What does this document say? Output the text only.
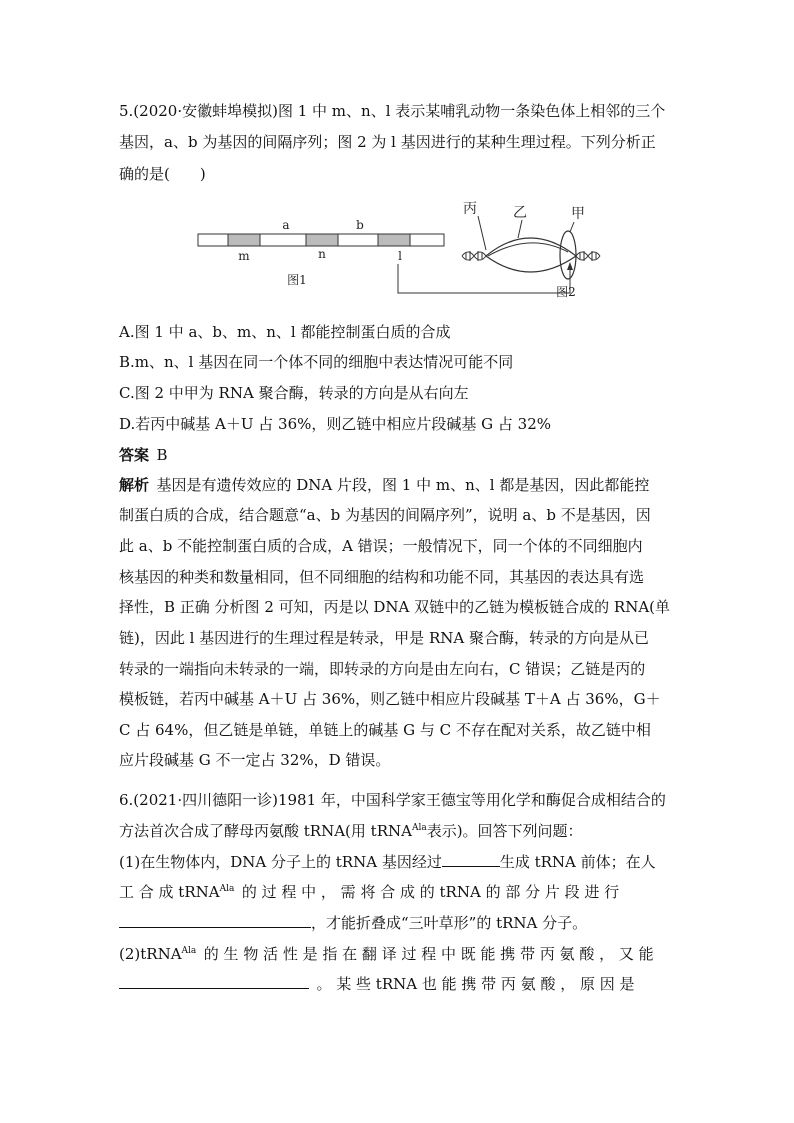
5.(2020·安徽蚌埠模拟)图 1 中 m、n、l 表示某哺乳动物一条染色体上相邻的三个

基因，a、b 为基因的间隔序列；图 2 为 l 基因进行的某种生理过程。下列分析正

确的是(　　)

a	b
m	n	l
图1
丙	乙	甲
图2

A.图 1 中 a、b、m、n、l 都能控制蛋白质的合成

B.m、n、l 基因在同一个体不同的细胞中表达情况可能不同

C.图 2 中甲为 RNA 聚合酶，转录的方向是从右向左

D.若丙中碱基 A＋U 占 36%，则乙链中相应片段碱基 G 占 32%

答案  B

解析  基因是有遗传效应的 DNA 片段，图 1 中 m、n、l 都是基因，因此都能控

制蛋白质的合成，结合题意“a、b 为基因的间隔序列”，说明 a、b 不是基因，因

此 a、b 不能控制蛋白质的合成，A 错误；一般情况下，同一个体的不同细胞内

核基因的种类和数量相同，但不同细胞的结构和功能不同，其基因的表达具有选

择性，B 正确 分析图 2 可知，丙是以 DNA 双链中的乙链为模板链合成的 RNA(单

链)，因此 l 基因进行的生理过程是转录，甲是 RNA 聚合酶，转录的方向是从已

转录的一端指向未转录的一端，即转录的方向是由左向右，C 错误；乙链是丙的

模板链，若丙中碱基 A＋U 占 36%，则乙链中相应片段碱基 T＋A 占 36%，G＋

C 占 64%，但乙链是单链，单链上的碱基 G 与 C 不存在配对关系，故乙链中相

应片段碱基 G 不一定占 32%，D 错误。

6.(2021·四川德阳一诊)1981 年，中国科学家王德宝等用化学和酶促合成相结合的

方法首次合成了酵母丙氨酸 tRNA(用 tRNA$^{Ala}$表示)。回答下列问题：

(1)在生物体内，DNA 分子上的 tRNA 基因经过	生成 tRNA 前体；在人

工 合 成 tRNA$^{Ala}$  的 过 程 中 ， 需 将 合 成 的 tRNA 的 部 分 片 段 进 行

，才能折叠成“三叶草形”的 tRNA 分子。

(2)tRNA$^{Ala}$  的 生 物 活 性 是 指 在 翻 译 过 程 中 既 能 携 带 丙 氨 酸 ， 又 能

 。 某 些 tRNA 也 能 携 带 丙 氨 酸 ， 原 因 是
